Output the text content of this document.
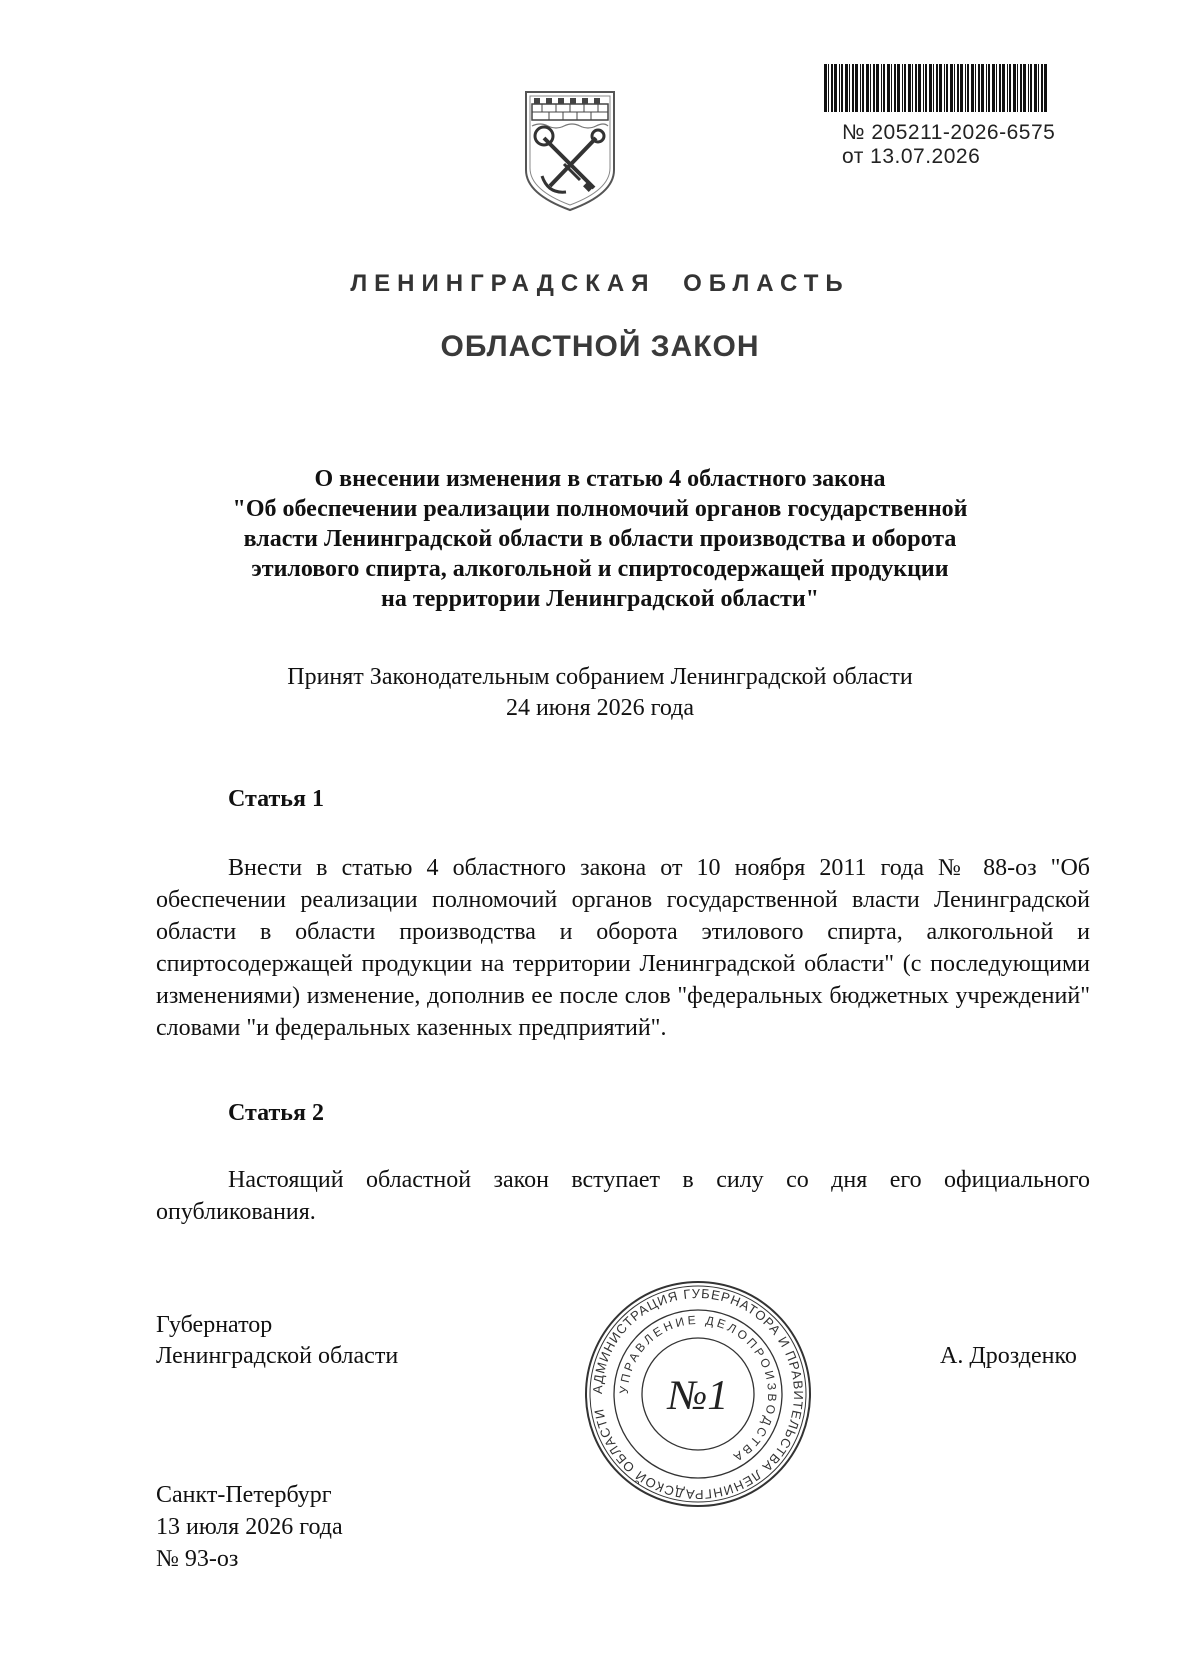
№ 205211-2026-6575
от 13.07.2026
ЛЕНИНГРАДСКАЯ ОБЛАСТЬ
ОБЛАСТНОЙ ЗАКОН
О внесении изменения в статью 4 областного закона
"Об обеспечении реализации полномочий органов государственной
власти Ленинградской области в области производства и оборота
этилового спирта, алкогольной и спиртосодержащей продукции
на территории Ленинградской области"
Принят Законодательным собранием Ленинградской области
24 июня 2026 года
Статья 1
Внести в статью 4 областного закона от 10 ноября 2011 года № 88-оз "Об обеспечении реализации полномочий органов государственной власти Ленинградской области в области производства и оборота этилового спирта, алкогольной и спиртосодержащей продукции на территории Ленинградской области" (с последующими изменениями) изменение, дополнив ее после слов "федеральных бюджетных учреждений" словами "и федеральных казенных предприятий".
Статья 2
Настоящий областной закон вступает в силу со дня его официального опубликования.
Губернатор
Ленинградской области	А. Дрозденко
АДМИНИСТРАЦИЯ ГУБЕРНАТОРА И ПРАВИТЕЛЬСТВА ЛЕНИНГРАДСКОЙ ОБЛАСТИ
УПРАВЛЕНИЕ ДЕЛОПРОИЗВОДСТВА
№1
Санкт-Петербург
13 июля 2026 года
№ 93-оз
